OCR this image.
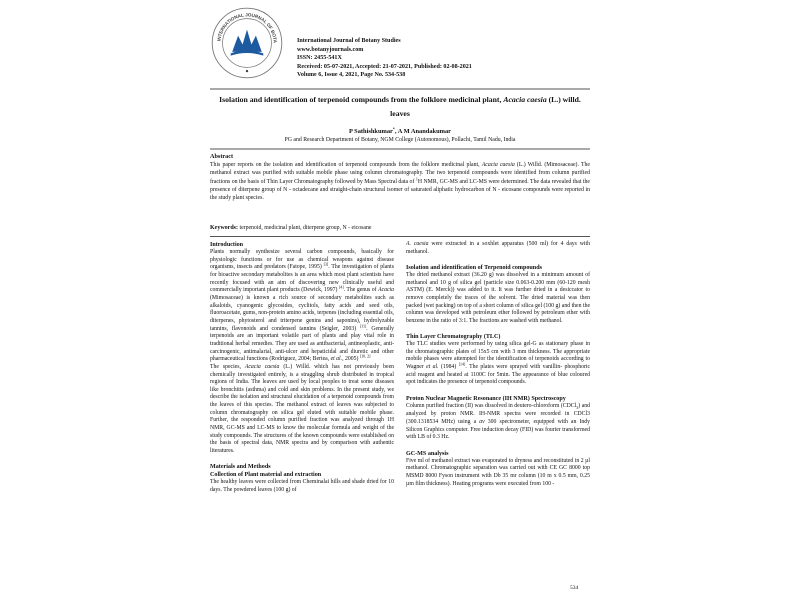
INTERNATIONAL JOURNAL OF BOTA	International Journal of Botany Studies
www.botanyjournals.com
ISSN: 2455-541X
Received: 05-07-2021, Accepted: 21-07-2021, Published: 02-08-2021
Volume 6, Issue 4, 2021, Page No. 534-538
Isolation and identification of terpenoid compounds from the folklore medicinal plant, Acacia caesia (L.) willd. leaves
P Sathishkumar*, A M Anandakumar
PG and Research Department of Botany, NGM College (Autonomous), Pollachi, Tamil Nadu, India
Abstract
This paper reports on the isolation and identification of terpenoid compounds from the folklore medicinal plant, Acacia caesia (L.) Willd. (Mimosaceae). The methanol extract was purified with suitable mobile phase using column chromatography. The two terpenoid compounds were identified from column purified fractions on the basis of Thin Layer Chromatography followed by Mass Spectral data of $^1$H NMR, GC-MS and LC-MS were determined. The data revealed that the presence of diterpene group of N - octadecane and straight-chain structural isomer of saturated aliphatic hydrocarbon of N - eicosane compounds were reported in the study plant species.
Keywords: terpenoid, medicinal plant, diterpene group, N - eicosane
Introduction

Plants normally synthesize several carbon compounds, basically for physiologic functions or for use as chemical weapons against disease organisms, insects and predators (Fatope, 1995) [3]. The investigation of plants for bioactive secondary metabolites is an area which most plant scientists have recently focused with an aim of discovering new clinically useful and commercially important plant products (Dewick, 1997) [4]. The genus of Acacia (Mimosaceae) is known a rich source of secondary metabolites such as alkaloids, cyanogenic glycosides, cyclitols, fatty acids and seed oils, fluoroacetate, gums, non-protein amino acids, terpenes (including essential oils, diterpenes, phytosterol and triterpene genins and saponins), hydrolyzable tannins, flavonoids and condensed tannins (Seigler, 2003) [11]. Generally terpenoids are an important volatile part of plants and play vital role in traditional herbal remedies. They are used as antibacterial, antineoplastic, anti-carcinogenic, antimalarial, anti-ulcer and hepaticidal and diuretic and other pharmaceutical functions (Rodriguez, 2004; Bertea, et al., 2005) [10, 2]

The species, Acacia caesia (L.) Willd. which has not previously been chemically investigated entirely, is a straggling shrub distributed in tropical regions of India. The leaves are used by local peoples to treat some diseases like bronchitis (asthma) and cold and skin problems. In the present study, we describe the isolation and structural elucidation of a terpenoid compounds from the leaves of this species. The methanol extract of leaves was subjected to column chromatography on silica gel eluted with suitable mobile phase. Further, the responded column purified fraction was analyzed through 1H NMR, GC-MS and LC-MS to know the molecular formula and weight of the study compounds. The structures of the known compounds were established on the basis of spectral data, NMR spectra and by comparison with authentic literatures.

Materials and Methods
Collection of Plant material and extraction

The healthy leaves were collected from Cheminalai hills and shade dried for 10 days. The powdered leaves (100 g) of

A. caesia were extracted in a soxhlet apparatus (500 ml) for 4 days with methanol.

Isolation and identification of Terpenoid compounds

The dried methanol extract (36.20 g) was dissolved in a minimum amount of methanol and 10 g of silica gel (particle size 0.063-0.200 mm (60-120 mesh ASTM) (E. Merck)) was added to it. It was further dried in a desiccator to remove completely the traces of the solvent. The dried material was then packed (wet packing) on top of a short column of silica gel (100 g) and then the column was developed with petroleum ether followed by petroleum ether with benzene in the ratio of 3:1. The fractions are washed with methanol.

Thin Layer Chromatography (TLC)

The TLC studies were performed by using silica gel-G as stationary phase in the chromatographic plates of 15x5 cm with 3 mm thickness. The appropriate mobile phases were attempted for the identification of terpenoids according to Wagner et al. (1984) [14]. The plates were sprayed with vanillin- phosphoric acid reagent and heated at 1100C for 5min. The appearance of blue coloured spot indicates the presence of terpenoid compounds.

Proton Nuclear Magnetic Resonance (IH NMR) Spectroscopy

Column purified fraction (II) was dissolved in deutero-chloroform (CDCl$_3$) and analyzed by proton NMR. IH-NMR spectra were recorded in CDCl3 (300.1318534 MHz) using a av 300 spectrometer, equipped with an Indy Silicon Graphics computer. Free induction decay (FID) was fourier transformed with LB of 0.3 Hz.

GC-MS analysis

Five ml of methanol extract was evaporated to dryness and reconstituted in 2 µl methanol. Chromatographic separation was carried out with CE GC 8000 top MSMD 8000 Fyson instrument with Db 35 mr column (10 m x 0.5 mm, 0.25 µm film thickness). Heating programs were executed from 100 -

534
